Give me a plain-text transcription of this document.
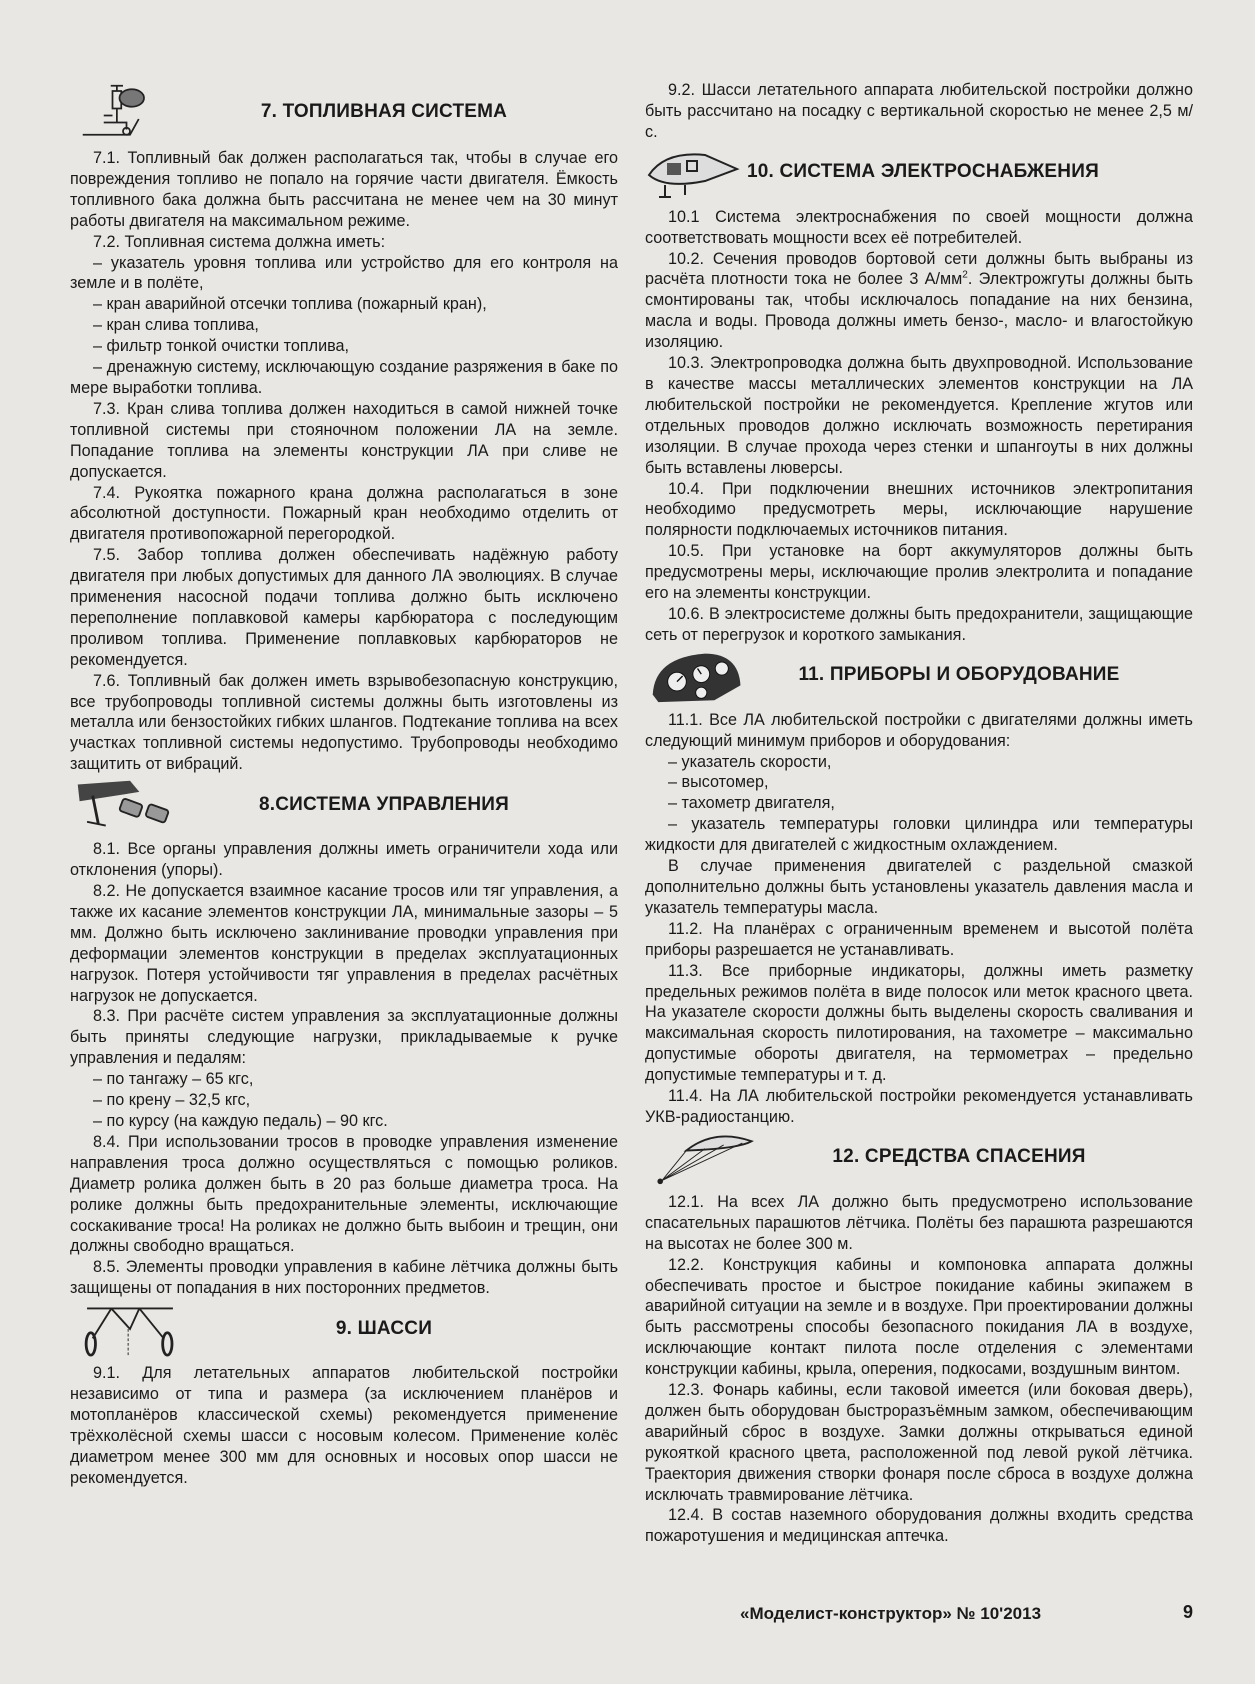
7. ТОПЛИВНАЯ СИСТЕМА

7.1. Топливный бак должен располагаться так, чтобы в случае его повреждения топливо не попало на горячие части двигателя. Ёмкость топливного бака должна быть рассчитана не менее чем на 30 минут работы двигателя на максимальном режиме.

7.2. Топливная система должна иметь:

– указатель уровня топлива или устройство для его контроля на земле и в полёте,

– кран аварийной отсечки топлива (пожарный кран),

– кран слива топлива,

– фильтр тонкой очистки топлива,

– дренажную систему, исключающую создание разряжения в баке по мере выработки топлива.

7.3. Кран слива топлива должен находиться в самой нижней точке топливной системы при стояночном положении ЛА на земле. Попадание топлива на элементы конструкции ЛА при сливе не допускается.

7.4. Рукоятка пожарного крана должна располагаться в зоне абсолютной доступности. Пожарный кран необходимо отделить от двигателя противопожарной перегородкой.

7.5. Забор топлива должен обеспечивать надёжную работу двигателя при любых допустимых для данного ЛА эволюциях. В случае применения насосной подачи топлива должно быть исключено переполнение поплавковой камеры карбюратора с последующим проливом топлива. Применение поплавковых карбюраторов не рекомендуется.

7.6. Топливный бак должен иметь взрывобезопасную конструкцию, все трубопроводы топливной системы должны быть изготовлены из металла или бензостойких гибких шлангов. Подтекание топлива на всех участках топливной системы недопустимо. Трубопроводы необходимо защитить от вибраций.

8.СИСТЕМА УПРАВЛЕНИЯ

8.1. Все органы управления должны иметь ограничители хода или отклонения (упоры).

8.2. Не допускается взаимное касание тросов или тяг управления, а также их касание элементов конструкции ЛА, минимальные зазоры – 5 мм. Должно быть исключено заклинивание проводки управления при деформации элементов конструкции в пределах эксплуатационных нагрузок. Потеря устойчивости тяг управления в пределах расчётных нагрузок не допускается.

8.3. При расчёте систем управления за эксплуатационные должны быть приняты следующие нагрузки, прикладываемые к ручке управления и педалям:

– по тангажу – 65 кгс,

– по крену – 32,5 кгс,

– по курсу (на каждую педаль) – 90 кгс.

8.4. При использовании тросов в проводке управления изменение направления троса должно осуществляться с помощью роликов. Диаметр ролика должен быть в 20 раз больше диаметра троса. На ролике должны быть предохранительные элементы, исключающие соскакивание троса! На роликах не должно быть выбоин и трещин, они должны свободно вращаться.

8.5. Элементы проводки управления в кабине лётчика должны быть защищены от попадания в них посторонних предметов.

9. ШАССИ

9.1. Для летательных аппаратов любительской постройки независимо от типа и размера (за исключением планёров и мотопланёров классической схемы) рекомендуется применение трёхколёсной схемы шасси с носовым колесом. Применение колёс диаметром менее 300 мм для основных и носовых опор шасси не рекомендуется.

9.2. Шасси летательного аппарата любительской постройки должно быть рассчитано на посадку с вертикальной скоростью не менее 2,5 м/с.

10. СИСТЕМА ЭЛЕКТРОСНАБЖЕНИЯ

10.1 Система электроснабжения по своей мощности должна соответствовать мощности всех её потребителей.

10.2. Сечения проводов бортовой сети должны быть выбраны из расчёта плотности тока не более 3 $А/мм^2$. Электрожгуты должны быть смонтированы так, чтобы исключалось попадание на них бензина, масла и воды. Провода должны иметь бензо-, масло- и влагостойкую изоляцию.

10.3. Электропроводка должна быть двухпроводной. Использование в качестве массы металлических элементов конструкции на ЛА любительской постройки не рекомендуется. Крепление жгутов или отдельных проводов должно исключать возможность перетирания изоляции. В случае прохода через стенки и шпангоуты в них должны быть вставлены люверсы.

10.4. При подключении внешних источников электропитания необходимо предусмотреть меры, исключающие нарушение полярности подключаемых источников питания.

10.5. При установке на борт аккумуляторов должны быть предусмотрены меры, исключающие пролив электролита и попадание его на элементы конструкции.

10.6. В электросистеме должны быть предохранители, защищающие сеть от перегрузок и короткого замыкания.

11. ПРИБОРЫ И ОБОРУДОВАНИЕ

11.1. Все ЛА любительской постройки с двигателями должны иметь следующий минимум приборов и оборудования:

– указатель скорости,

– высотомер,

– тахометр двигателя,

– указатель температуры головки цилиндра или температуры жидкости для двигателей с жидкостным охлаждением.

В случае применения двигателей с раздельной смазкой дополнительно должны быть установлены указатель давления масла и указатель температуры масла.

11.2. На планёрах с ограниченным временем и высотой полёта приборы разрешается не устанавливать.

11.3. Все приборные индикаторы, должны иметь разметку предельных режимов полёта в виде полосок или меток красного цвета. На указателе скорости должны быть выделены скорость сваливания и максимальная скорость пилотирования, на тахометре – максимально допустимые обороты двигателя, на термометрах – предельно допустимые температуры и т. д.

11.4. На ЛА любительской постройки рекомендуется устанавливать УКВ-радиостанцию.

12. СРЕДСТВА СПАСЕНИЯ

12.1. На всех ЛА должно быть предусмотрено использование спасательных парашютов лётчика. Полёты без парашюта разрешаются на высотах не более 300 м.

12.2. Конструкция кабины и компоновка аппарата должны обеспечивать простое и быстрое покидание кабины экипажем в аварийной ситуации на земле и в воздухе. При проектировании должны быть рассмотрены способы безопасного покидания ЛА в воздухе, исключающие контакт пилота после отделения с элементами конструкции кабины, крыла, оперения, подкосами, воздушным винтом.

12.3. Фонарь кабины, если таковой имеется (или боковая дверь), должен быть оборудован быстроразъёмным замком, обеспечивающим аварийный сброс в воздухе. Замки должны открываться единой рукояткой красного цвета, расположенной под левой рукой лётчика. Траектория движения створки фонаря после сброса в воздухе должна исключать травмирование лётчика.

12.4. В состав наземного оборудования должны входить средства пожаротушения и медицинская аптечка.

«Моделист-конструктор» № 10'2013	9
